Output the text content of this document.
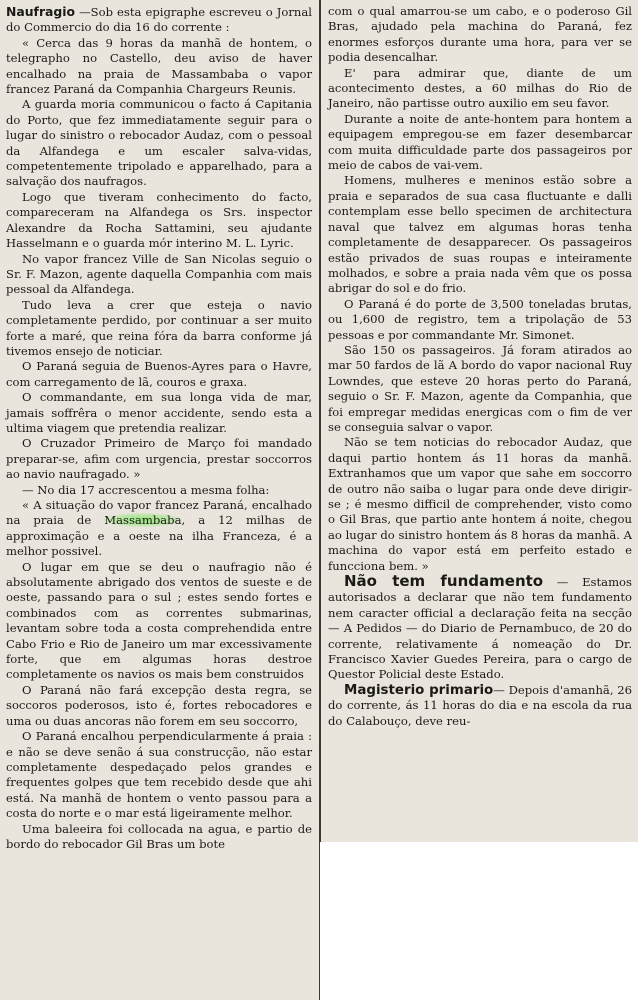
Naufragio —Sob esta epigraphe escreveu o Jornal do Commercio do dia 16 do corrente :

« Cerca das 9 horas da manhã de hontem, o telegrapho no Castello, deu aviso de haver encalhado na praia de Massambaba o vapor francez Paraná da Companhia Chargeurs Reunis.

A guarda moria communicou o facto á Capitania do Porto, que fez immediatamente seguir para o lugar do sinistro o rebocador Audaz, com o pessoal da Alfandega e um escaler salva-vidas, competentemente tripolado e apparelhado, para a salvação dos naufragos.

Logo que tiveram conhecimento do facto, compareceram na Alfandega os Srs. inspector Alexandre da Rocha Sattamini, seu ajudante Hasselmann e o guarda mór interino M. L. Lyric.

No vapor francez Ville de San Nicolas seguio o Sr. F. Mazon, agente daquella Companhia com mais pessoal da Alfandega.

Tudo leva a crer que esteja o navio completamente perdido, por continuar a ser muito forte a maré, que reina fóra da barra conforme já tivemos ensejo de noticiar.

O Paraná seguia de Buenos-Ayres para o Havre, com carregamento de lã, couros e graxa.

O commandante, em sua longa vida de mar, jamais soffrêra o menor accidente, sendo esta a ultima viagem que pretendia realizar.

O Cruzador Primeiro de Março foi mandado preparar-se, afim com urgencia, prestar soccorros ao navio naufragado. »

— No dia 17 accrescentou a mesma folha:

« A situação do vapor francez Paraná, encalhado na praia de Massambaba, a 12 milhas de approximação e a oeste na ilha Franceza, é a melhor possivel.

O lugar em que se deu o naufragio não é absolutamente abrigado dos ventos de sueste e de oeste, passando para o sul ; estes sendo fortes e combinados com as correntes submarinas, levantam sobre toda a costa comprehendida entre Cabo Frio e Rio de Janeiro um mar excessivamente forte, que em algumas horas destroe completamente os navios os mais bem construidos

O Paraná não fará excepção desta regra, se soccoros poderosos, isto é, fortes rebocadores e uma ou duas ancoras não forem em seu soccorro,

O Paraná encalhou perpendicularmente á praia : e não se deve senão á sua construcção, não estar completamente despedaçado pelos grandes e frequentes golpes que tem recebido desde que ahi está. Na manhã de hontem o vento passou para a costa do norte e o mar está ligeiramente melhor.

Uma baleeira foi collocada na agua, e partio de bordo do rebocador Gil Bras um bote

com o qual amarrou-se um cabo, e o poderoso Gil Bras, ajudado pela machina do Paraná, fez enormes esforços durante uma hora, para ver se podia desencalhar.

E' para admirar que, diante de um acontecimento destes, a 60 milhas do Rio de Janeiro, não partisse outro auxilio em seu favor.

Durante a noite de ante-hontem para hontem a equipagem empregou-se em fazer desembarcar com muita difficuldade parte dos passageiros por meio de cabos de vai-vem.

Homens, mulheres e meninos estão sobre a praia e separados de sua casa fluctuante e dalli contemplam esse bello specimen de architectura naval que talvez em algumas horas tenha completamente de desapparecer. Os passageiros estão privados de suas roupas e inteiramente molhados, e sobre a praia nada vêm que os possa abrigar do sol e do frio.

O Paraná é do porte de 3,500 toneladas brutas, ou 1,600 de registro, tem a tripolação de 53 pessoas e por commandante Mr. Simonet.

São 150 os passageiros. Já foram atirados ao mar 50 fardos de lã A bordo do vapor nacional Ruy Lowndes, que esteve 20 horas perto do Paraná, seguio o Sr. F. Mazon, agente da Companhia, que foi empregar medidas energicas com o fim de ver se conseguia salvar o vapor.

Não se tem noticias do rebocador Audaz, que daqui partio hontem ás 11 horas da manhã. Extranhamos que um vapor que sahe em soccorro de outro não saiba o lugar para onde deve dirigir-se ; é mesmo difficil de comprehender, visto como o Gil Bras, que partio ante hontem á noite, chegou ao lugar do sinistro hontem ás 8 horas da manhã. A machina do vapor está em perfeito estado e funcciona bem. »

Não tem fundamento — Estamos autorisados a declarar que não tem fundamento nem caracter official a declaração feita na secção — A Pedidos — do Diario de Pernambuco, de 20 do corrente, relativamente á nomeação do Dr. Francisco Xavier Guedes Pereira, para o cargo de Questor Policial deste Estado.

Magisterio primario— Depois d'amanhã, 26 do corrente, ás 11 horas do dia e na escola da rua do Calabouço, deve reu-
